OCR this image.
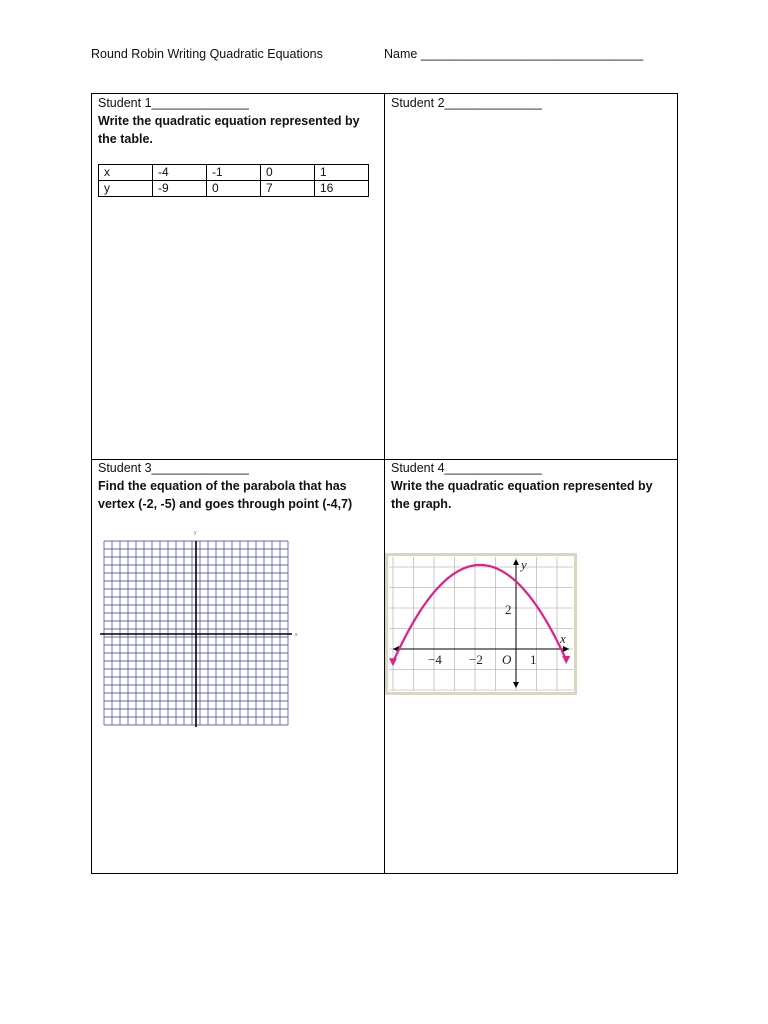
Round Robin Writing Quadratic Equations	Name ________________________________
Student 1______________
Write the quadratic equation represented by the table.
x	-4	-1	0	1
y	-9	0	7	16
Student 2______________
Student 3______________
Find the equation of the parabola that has vertex (-2, -5) and goes through point (-4,7)
x
y
Student 4______________
Write the quadratic equation represented by the graph.
y
x
2
−4 −2 O 1
